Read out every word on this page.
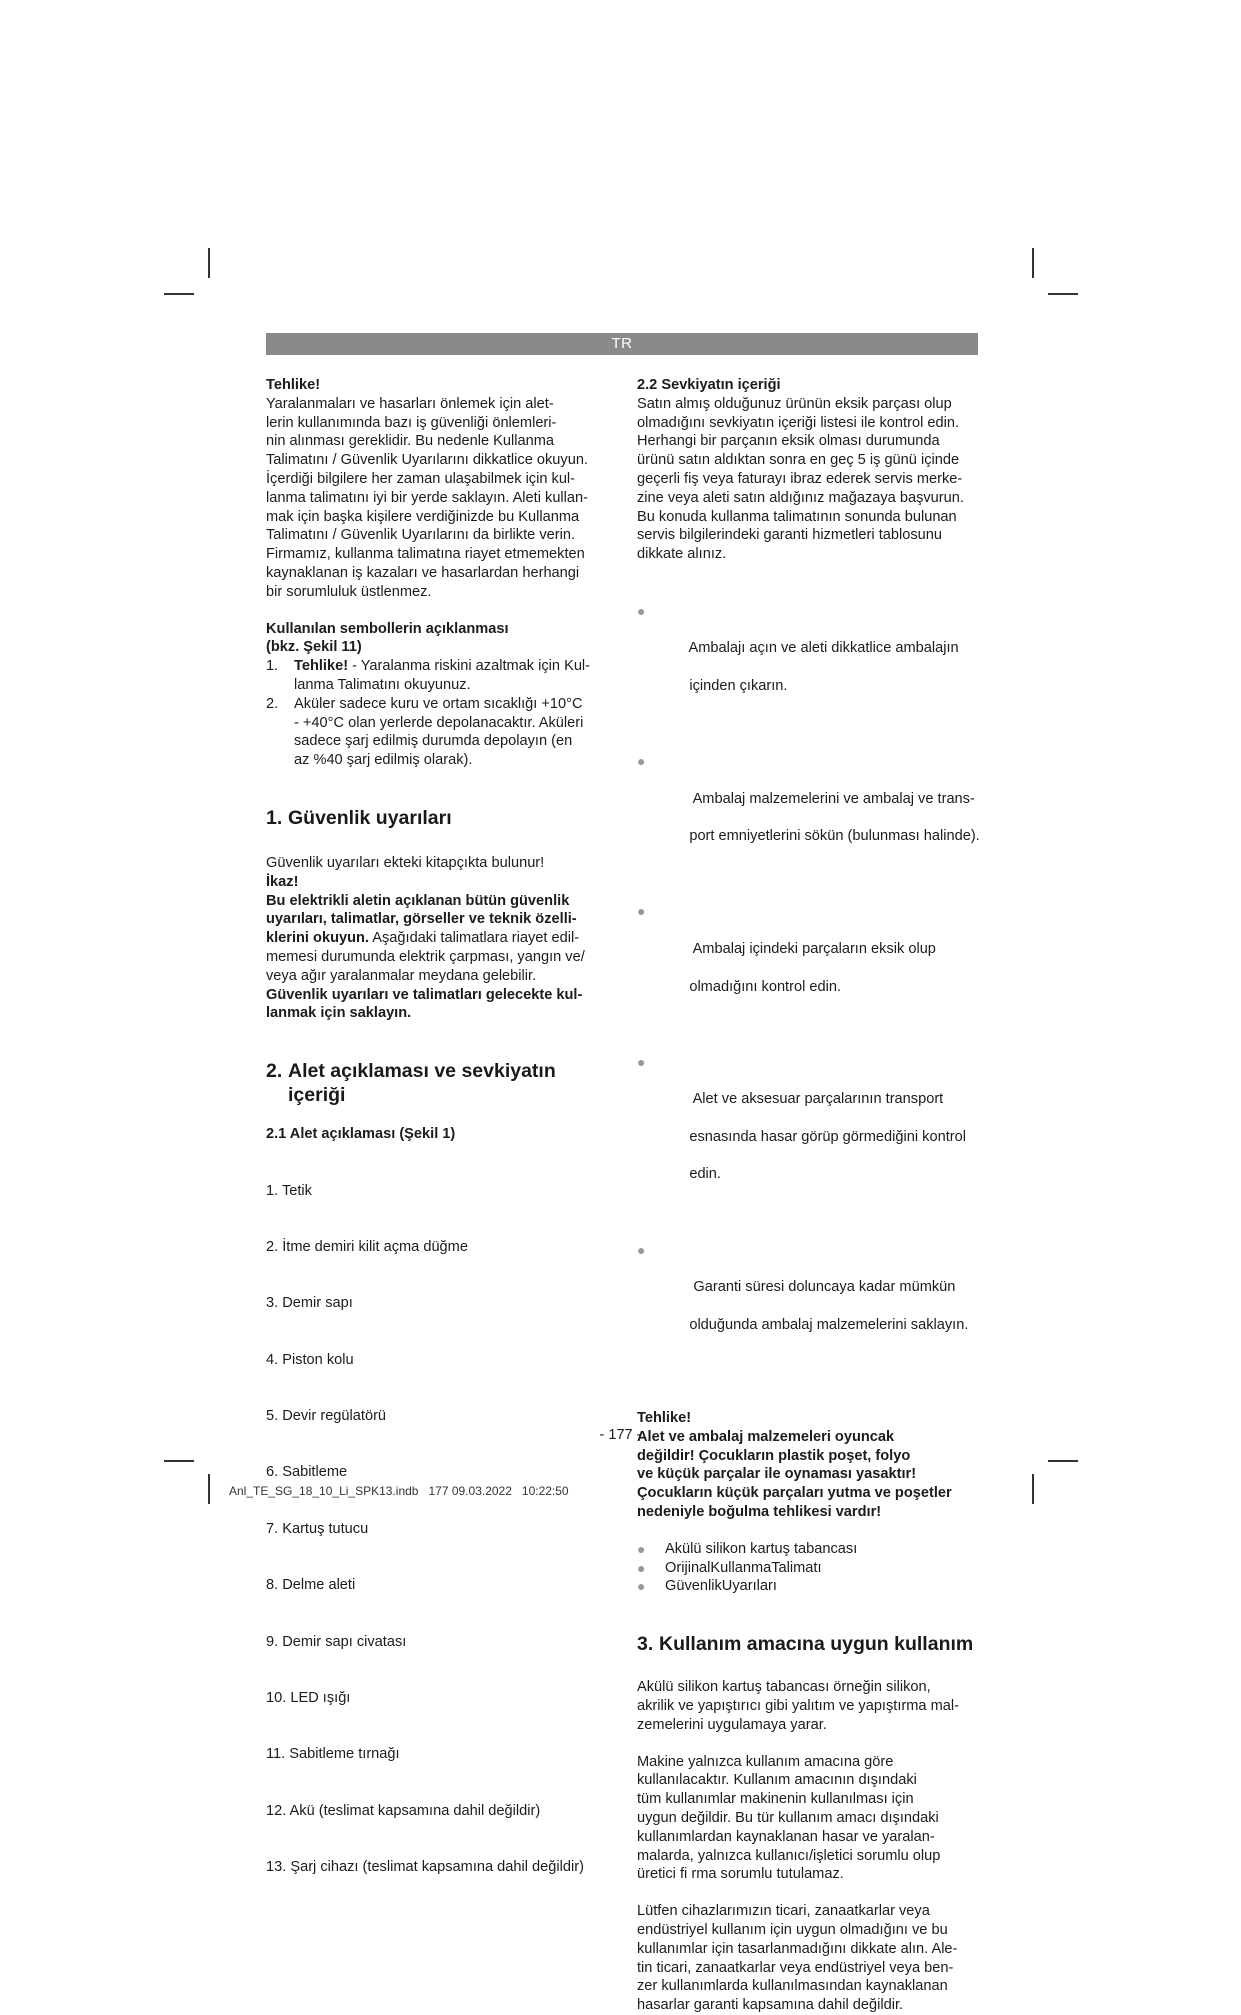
TR

Tehlike!

Yaralanmaları ve hasarları önlemek için alet-
lerin kullanımında bazı iş güvenliği önlemleri-
nin alınması gereklidir. Bu nedenle Kullanma
Talimatını / Güvenlik Uyarılarını dikkatlice okuyun.
İçerdiği bilgilere her zaman ulaşabilmek için kul-
lanma talimatını iyi bir yerde saklayın. Aleti kullan-
mak için başka kişilere verdiğinizde bu Kullanma
Talimatını / Güvenlik Uyarılarını da birlikte verin.
Firmamız, kullanma talimatına riayet etmemekten
kaynaklanan iş kazaları ve hasarlardan herhangi
bir sorumluluk üstlenmez.

Kullanılan sembollerin açıklanması

(bkz. Şekil 11)

1. Tehlike! - Yaralanma riskini azaltmak için Kul-
lanma Talimatını okuyunuz.
2. Aküler sadece kuru ve ortam sıcaklığı +10°C
- +40°C olan yerlerde depolanacaktır. Aküleri
sadece şarj edilmiş durumda depolayın (en
az %40 şarj edilmiş olarak).
1. Güvenlik uyarıları

Güvenlik uyarıları ekteki kitapçıkta bulunur!

İkaz!

Bu elektrikli aletin açıklanan bütün güvenlik
uyarıları, talimatlar, görseller ve teknik özelli-
klerini okuyun. Aşağıdaki talimatlara riayet edil-
memesi durumunda elektrik çarpması, yangın ve/
veya ağır yaralanmalar meydana gelebilir.
Güvenlik uyarıları ve talimatları gelecekte kul-
lanmak için saklayın.
2. Alet açıklaması ve sevkiyatın
içeriği

2.1 Alet açıklaması (Şekil 1)

1. Tetik

2. İtme demiri kilit açma düğme

3. Demir sapı

4. Piston kolu

5. Devir regülatörü

6. Sabitleme

7. Kartuş tutucu

8. Delme aleti

9. Demir sapı civatası

10. LED ışığı

11. Sabitleme tırnağı

12. Akü (teslimat kapsamına dahil değildir)

13. Şarj cihazı (teslimat kapsamına dahil değildir)

2.2 Sevkiyatın içeriği

Satın almış olduğunuz ürünün eksik parçası olup
olmadığını sevkiyatın içeriği listesi ile kontrol edin.
Herhangi bir parçanın eksik olması durumunda
ürünü satın aldıktan sonra en geç 5 iş günü içinde
geçerli fiş veya faturayı ibraz ederek servis merke-
zine veya aleti satın aldığınız mağazaya başvurun.
Bu konuda kullanma talimatının sonunda bulunan
servis bilgilerindeki garanti hizmetleri tablosunu
dikkate alınız.

●

Ambalajı açın ve aleti dikkatlice ambalajın

içinden çıkarın.

●

Ambalaj malzemelerini ve ambalaj ve trans-

port emniyetlerini sökün (bulunması halinde).

●

Ambalaj içindeki parçaların eksik olup

olmadığını kontrol edin.

●

Alet ve aksesuar parçalarının transport

esnasında hasar görüp görmediğini kontrol

edin.

●

Garanti süresi doluncaya kadar mümkün

olduğunda ambalaj malzemelerini saklayın.

Tehlike!

Alet ve ambalaj malzemeleri oyuncak
değildir! Çocukların plastik poşet, folyo
ve küçük parçalar ile oynaması yasaktır!
Çocukların küçük parçaları yutma ve poşetler
nedeniyle boğulma tehlikesi vardır!
● Akülü silikon kartuş tabancası
● OrijinalKullanmaTalimatı
● GüvenlikUyarıları
3. Kullanım amacına uygun kullanım
Akülü silikon kartuş tabancası örneğin silikon,
akrilik ve yapıştırıcı gibi yalıtım ve yapıştırma mal-
zemelerini uygulamaya yarar.
Makine yalnızca kullanım amacına göre
kullanılacaktır. Kullanım amacının dışındaki
tüm kullanımlar makinenin kullanılması için
uygun değildir. Bu tür kullanım amacı dışındaki
kullanımlardan kaynaklanan hasar ve yaralan-
malarda, yalnızca kullanıcı/işletici sorumlu olup
üretici fi rma sorumlu tutulamaz.
Lütfen cihazlarımızın ticari, zanaatkarlar veya
endüstriyel kullanım için uygun olmadığını ve bu
kullanımlar için tasarlanmadığını dikkate alın. Ale-
tin ticari, zanaatkarlar veya endüstriyel veya ben-
zer kullanımlarda kullanılmasından kaynaklanan
hasarlar garanti kapsamına dahil değildir.
- 177 -
Anl_TE_SG_18_10_Li_SPK13.indb   177 09.03.2022   10:22:50
